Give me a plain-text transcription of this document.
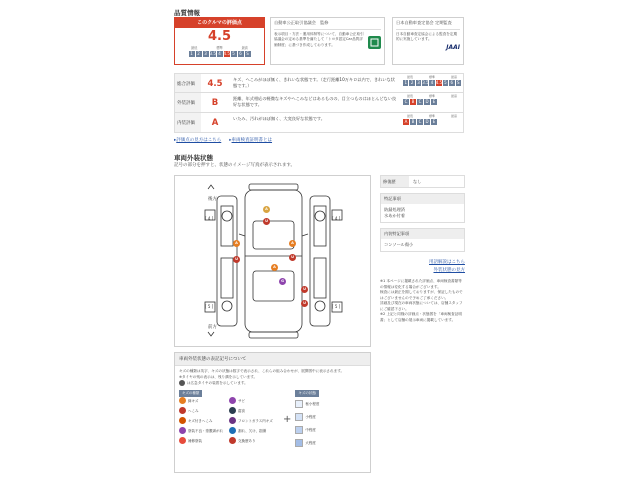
品質情報
このクルマの評価点
4.5
最低	標準	最高
1	2	3 3.5 4 4.5 5	6	S
自動車公正取引協議会　監修
表示項目・方法・運用体制等について、自動車公正取引協議会の定める基準を満たして「トヨタ認定Car品質評価制度」に基づき作成しております。
日本自動車査定協会 定期監査
日本自動車査定協会による監査を定期的に実施しています。
JAAI
総合評価	4.5	キズ、へこみがほぼ無く、きれいな状態です。（走行距離10万キロ以内で、きれいな状態です。）
最低	標準	最高
1 2 3 3.5 4 4.5 5 6 S
外装評価	B	距離、年式相応の軽微なキズやへこみなどはあるものの、目立つものはほとんどない良好な状態です。
最低	標準	最高
C	B	C	D	E
内装評価	A	いたみ、汚れがほぼ無く、大変良好な状態です。	最低	標準	最高
A	B	C	D	E
▸評価点の見方はこちら ▸車両検査証明書とは
車両外装状態
記号の部分を押すと、状態のイメージ写真が表示されます。
後方
前方
[ 4 ]	[ 4 ]
[ 5 ]	[ 5 ]
A
U
A
U
A
U
A
G
U
U
修復歴	なし
特記事項
防錆処理済
水あか付着
内装特記事項
コンソール傷小
用語解説はこちら
外装状態の見方
※1 本ページに掲載された評価点、車両検査書類等の情報は変化する場合がございます。
検査には最正を期しておりますが、保証したものではございませんので予めご了承ください。
詳細及び現在の車両状態については、店舗スタッフにご確認下さい。
※2 上記と同様の評価点・状態図を「車両検査証明書」として店舗の展示車両に掲載しています。
車両外装状態の表記記号について
キズの種類は英字、キズの状態は数字で表示され、これらの組み合わせが、展開図中に表示されます。
※タイヤの残の表示は、残り溝を示しています。
は広急タイヤの装着を示しています。
キズの種類
線キズ
へこみ
キズ付きへこみ
塗装不良・塗膜剥がれ
補修塗装
サビ
腐食
フロントガラス内キズ
割れ、欠け、損傷
交換歴あり
+
キズの状態
極小程度
小程度
中程度
大程度
